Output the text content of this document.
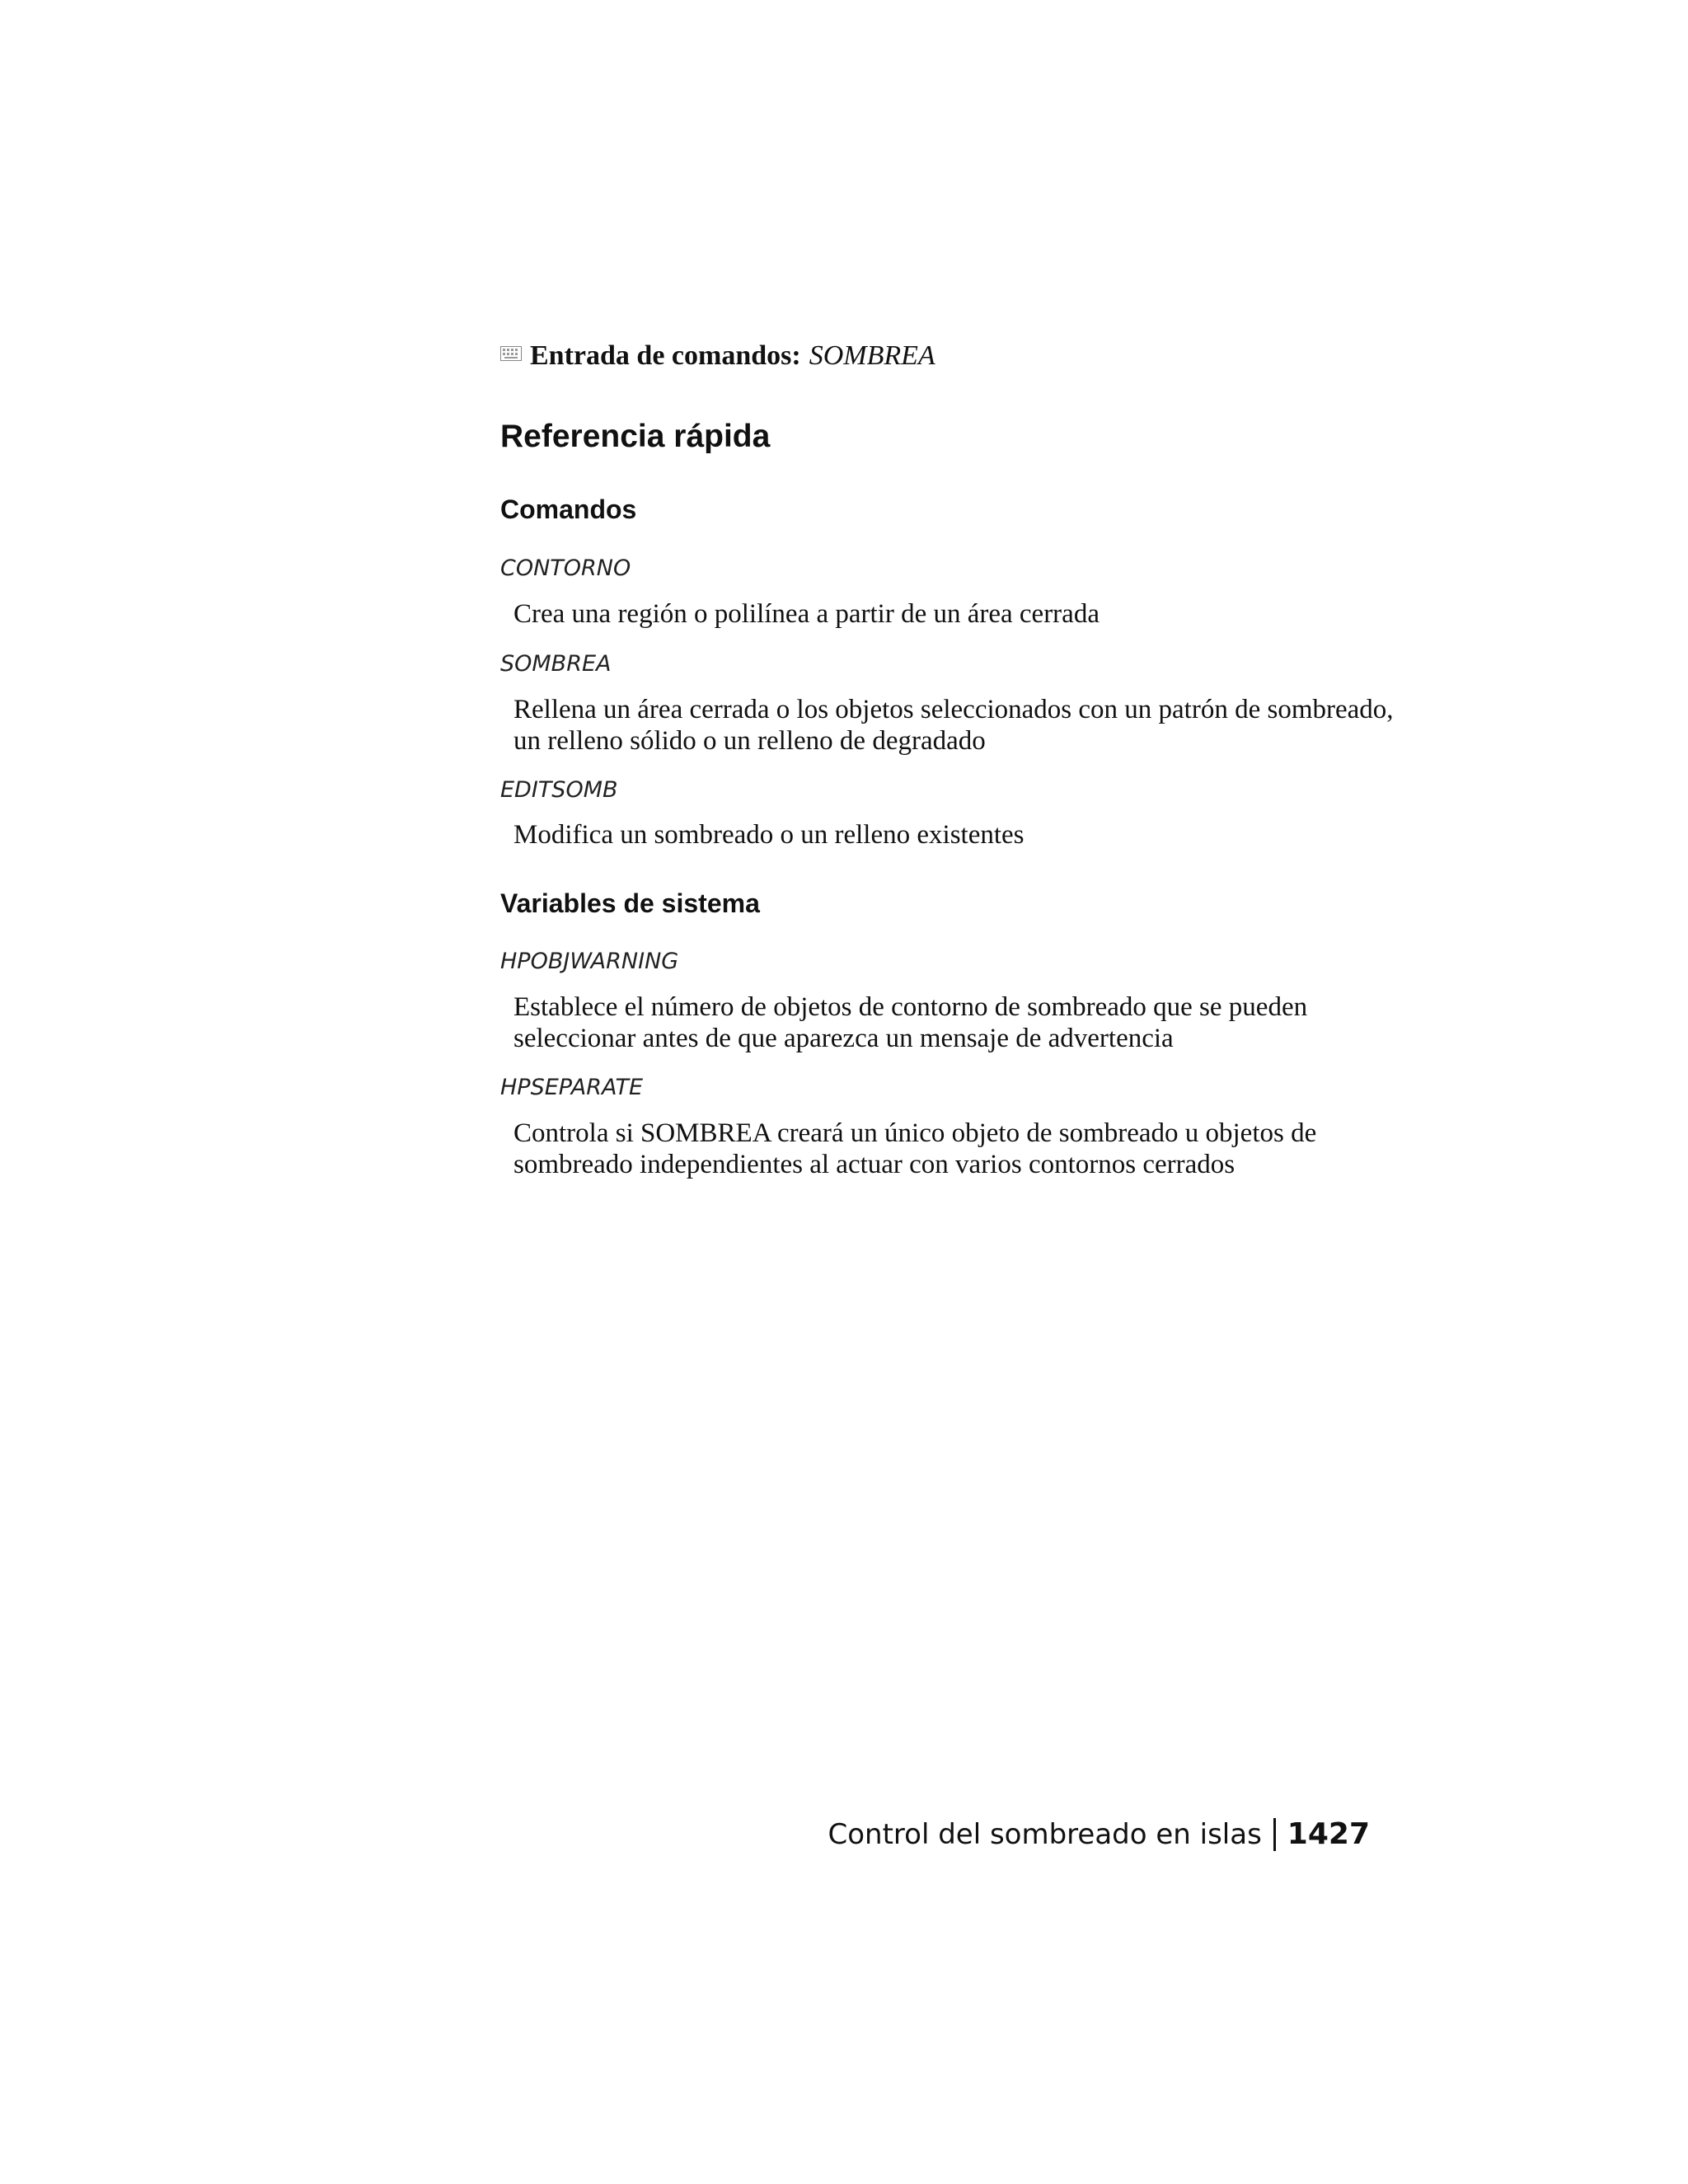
Entrada de comandos: SOMBREA
Referencia rápida
Comandos

CONTORNO

Crea una región o polilínea a partir de un área cerrada

SOMBREA

Rellena un área cerrada o los objetos seleccionados con un patrón de sombreado, un relleno sólido o un relleno de degradado

EDITSOMB

Modifica un sombreado o un relleno existentes

Variables de sistema

HPOBJWARNING

Establece el número de objetos de contorno de sombreado que se pueden seleccionar antes de que aparezca un mensaje de advertencia

HPSEPARATE

Controla si SOMBREA creará un único objeto de sombreado u objetos de sombreado independientes al actuar con varios contornos cerrados

Control del sombreado en islas 1427
